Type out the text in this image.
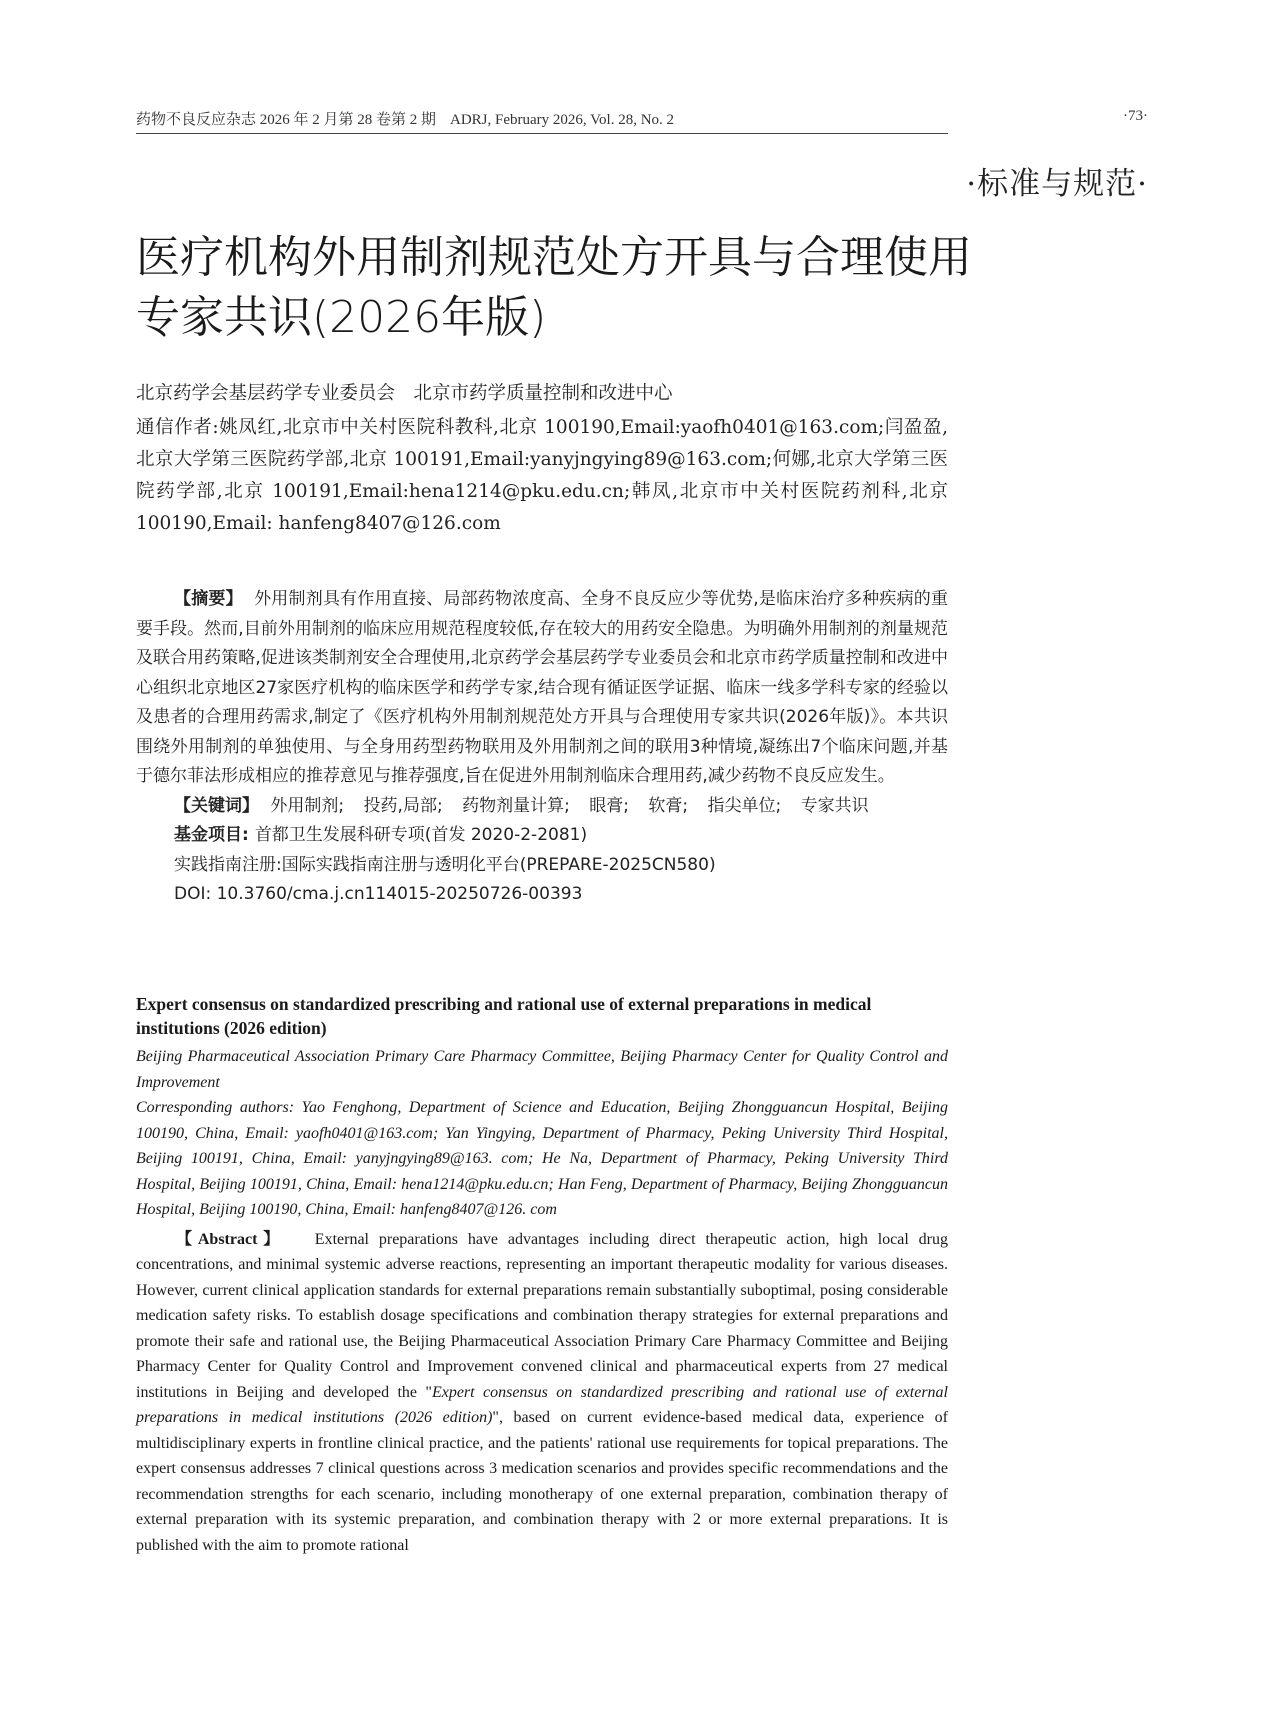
药物不良反应杂志 2026 年 2 月第 28 卷第 2 期 ADRJ, February 2026, Vol. 28, No. 2	·73·
·标准与规范·
医疗机构外用制剂规范处方开具与合理使用
专家共识(2026年版)
北京药学会基层药学专业委员会　北京市药学质量控制和改进中心
通信作者:姚凤红,北京市中关村医院科教科,北京 100190,Email:yaofh0401@163.com;闫盈盈,北京大学第三医院药学部,北京 100191,Email:yanyjngying89@163.com;何娜,北京大学第三医院药学部,北京 100191,Email:hena1214@pku.edu.cn;韩凤,北京市中关村医院药剂科,北京 100190,Email: hanfeng8407@126.com

【摘要】 外用制剂具有作用直接、局部药物浓度高、全身不良反应少等优势,是临床治疗多种疾病的重要手段。然而,目前外用制剂的临床应用规范程度较低,存在较大的用药安全隐患。为明确外用制剂的剂量规范及联合用药策略,促进该类制剂安全合理使用,北京药学会基层药学专业委员会和北京市药学质量控制和改进中心组织北京地区27家医疗机构的临床医学和药学专家,结合现有循证医学证据、临床一线多学科专家的经验以及患者的合理用药需求,制定了《医疗机构外用制剂规范处方开具与合理使用专家共识(2026年版)》。本共识围绕外用制剂的单独使用、与全身用药型药物联用及外用制剂之间的联用3种情境,凝练出7个临床问题,并基于德尔菲法形成相应的推荐意见与推荐强度,旨在促进外用制剂临床合理用药,减少药物不良反应发生。

【关键词】 外用制剂; 投药,局部; 药物剂量计算; 眼膏; 软膏; 指尖单位; 专家共识
基金项目: 首都卫生发展科研专项(首发 2020-2-2081)
实践指南注册:国际实践指南注册与透明化平台(PREPARE-2025CN580)
DOI: 10.3760/cma.j.cn114015-20250726-00393

Expert consensus on standardized prescribing and rational use of external preparations in medical institutions (2026 edition)

Beijing Pharmaceutical Association Primary Care Pharmacy Committee, Beijing Pharmacy Center for Quality Control and Improvement

Corresponding authors: Yao Fenghong, Department of Science and Education, Beijing Zhongguancun Hospital, Beijing 100190, China, Email: yaofh0401@163.com; Yan Yingying, Department of Pharmacy, Peking University Third Hospital, Beijing 100191, China, Email: yanyjngying89@163. com; He Na, Department of Pharmacy, Peking University Third Hospital, Beijing 100191, China, Email: hena1214@pku.edu.cn; Han Feng, Department of Pharmacy, Beijing Zhongguancun Hospital, Beijing 100190, China, Email: hanfeng8407@126. com

【Abstract】 External preparations have advantages including direct therapeutic action, high local drug concentrations, and minimal systemic adverse reactions, representing an important therapeutic modality for various diseases. However, current clinical application standards for external preparations remain substantially suboptimal, posing considerable medication safety risks. To establish dosage specifications and combination therapy strategies for external preparations and promote their safe and rational use, the Beijing Pharmaceutical Association Primary Care Pharmacy Committee and Beijing Pharmacy Center for Quality Control and Improvement convened clinical and pharmaceutical experts from 27 medical institutions in Beijing and developed the "Expert consensus on standardized prescribing and rational use of external preparations in medical institutions (2026 edition)", based on current evidence-based medical data, experience of multidisciplinary experts in frontline clinical practice, and the patients' rational use requirements for topical preparations. The expert consensus addresses 7 clinical questions across 3 medication scenarios and provides specific recommendations and the recommendation strengths for each scenario, including monotherapy of one external preparation, combination therapy of external preparation with its systemic preparation, and combination therapy with 2 or more external preparations. It is published with the aim to promote rational
